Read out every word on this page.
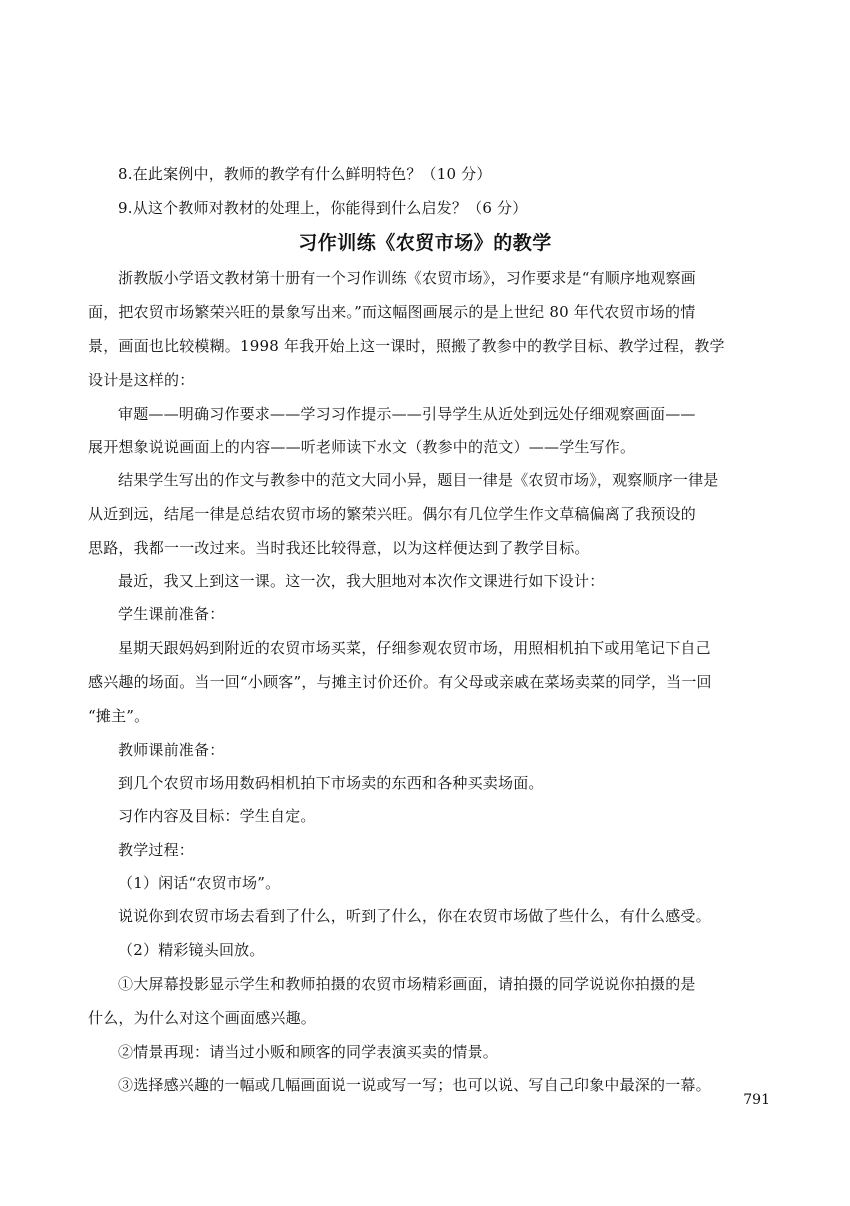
8.在此案例中，教师的教学有什么鲜明特色？（10 分）
9.从这个教师对教材的处理上，你能得到什么启发？（6 分）
习作训练《农贸市场》的教学
浙教版小学语文教材第十册有一个习作训练《农贸市场》，习作要求是“有顺序地观察画
面，把农贸市场繁荣兴旺的景象写出来。”而这幅图画展示的是上世纪 80 年代农贸市场的情
景，画面也比较模糊。1998 年我开始上这一课时，照搬了教参中的教学目标、教学过程，教学
设计是这样的：
审题——明确习作要求——学习习作提示——引导学生从近处到远处仔细观察画面——
展开想象说说画面上的内容——听老师读下水文（教参中的范文）——学生写作。
结果学生写出的作文与教参中的范文大同小异，题目一律是《农贸市场》，观察顺序一律是
从近到远，结尾一律是总结农贸市场的繁荣兴旺。偶尔有几位学生作文草稿偏离了我预设的
思路，我都一一改过来。当时我还比较得意，以为这样便达到了教学目标。
最近，我又上到这一课。这一次，我大胆地对本次作文课进行如下设计：
学生课前准备：
星期天跟妈妈到附近的农贸市场买菜，仔细参观农贸市场，用照相机拍下或用笔记下自己
感兴趣的场面。当一回“小顾客”，与摊主讨价还价。有父母或亲戚在菜场卖菜的同学，当一回
“摊主”。
教师课前准备：
到几个农贸市场用数码相机拍下市场卖的东西和各种买卖场面。
习作内容及目标：学生自定。
教学过程：
（1）闲话“农贸市场”。
说说你到农贸市场去看到了什么，听到了什么，你在农贸市场做了些什么，有什么感受。
（2）精彩镜头回放。
①大屏幕投影显示学生和教师拍摄的农贸市场精彩画面，请拍摄的同学说说你拍摄的是
什么，为什么对这个画面感兴趣。
②情景再现：请当过小贩和顾客的同学表演买卖的情景。
③选择感兴趣的一幅或几幅画面说一说或写一写；也可以说、写自己印象中最深的一幕。
791
